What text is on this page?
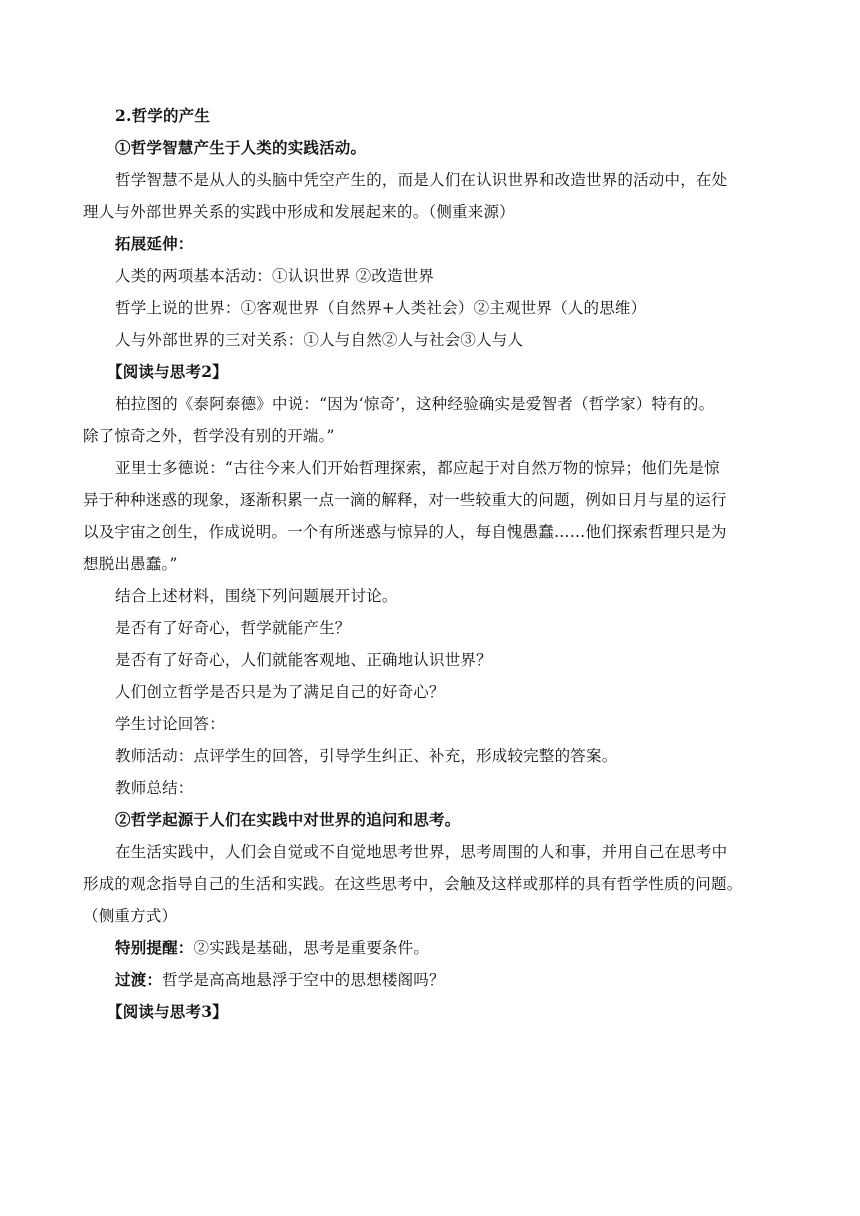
2.哲学的产生
①哲学智慧产生于人类的实践活动。
哲学智慧不是从人的头脑中凭空产生的，而是人们在认识世界和改造世界的活动中，在处
理人与外部世界关系的实践中形成和发展起来的。（侧重来源）
拓展延伸：
人类的两项基本活动：①认识世界 ②改造世界
哲学上说的世界：①客观世界（自然界+人类社会）②主观世界（人的思维）
人与外部世界的三对关系：①人与自然②人与社会③人与人
【阅读与思考2】
柏拉图的《泰阿泰德》中说：“因为‘惊奇’，这种经验确实是爱智者（哲学家）特有的。
除了惊奇之外，哲学没有别的开端。”
亚里士多德说：“古往今来人们开始哲理探索，都应起于对自然万物的惊异；他们先是惊
异于种种迷惑的现象，逐渐积累一点一滴的解释，对一些较重大的问题，例如日月与星的运行
以及宇宙之创生，作成说明。一个有所迷惑与惊异的人，每自愧愚蠢……他们探索哲理只是为
想脱出愚蠢。”
结合上述材料，围绕下列问题展开讨论。
是否有了好奇心，哲学就能产生？
是否有了好奇心，人们就能客观地、正确地认识世界？
人们创立哲学是否只是为了满足自己的好奇心？
学生讨论回答：
教师活动：点评学生的回答，引导学生纠正、补充，形成较完整的答案。
教师总结：
②哲学起源于人们在实践中对世界的追问和思考。
在生活实践中，人们会自觉或不自觉地思考世界，思考周围的人和事，并用自己在思考中
形成的观念指导自己的生活和实践。在这些思考中，会触及这样或那样的具有哲学性质的问题。
（侧重方式）
特别提醒：②实践是基础，思考是重要条件。
过渡：哲学是高高地悬浮于空中的思想楼阁吗？
【阅读与思考3】
